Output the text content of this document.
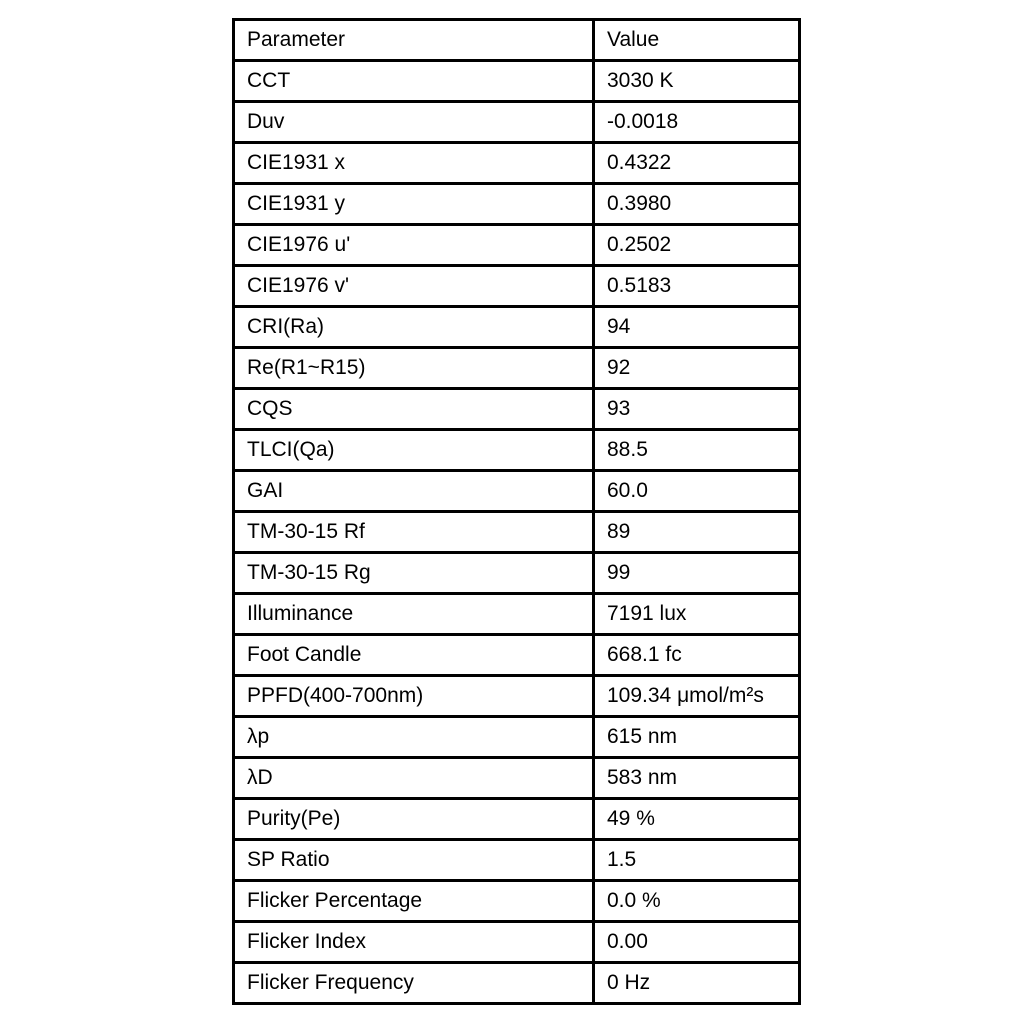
Parameter	Value
CCT	3030 K
Duv	-0.0018
CIE1931 x	0.4322
CIE1931 y	0.3980
CIE1976 u'	0.2502
CIE1976 v'	0.5183
CRI(Ra)	94
Re(R1~R15)	92
CQS	93
TLCI(Qa)	88.5
GAI	60.0
TM-30-15 Rf	89
TM-30-15 Rg	99
Illuminance	7191 lux
Foot Candle	668.1 fc
PPFD(400-700nm)	109.34 μmol/m²s
λp	615 nm
λD	583 nm
Purity(Pe)	49 %
SP Ratio	1.5
Flicker Percentage	0.0 %
Flicker Index	0.00
Flicker Frequency	0 Hz
